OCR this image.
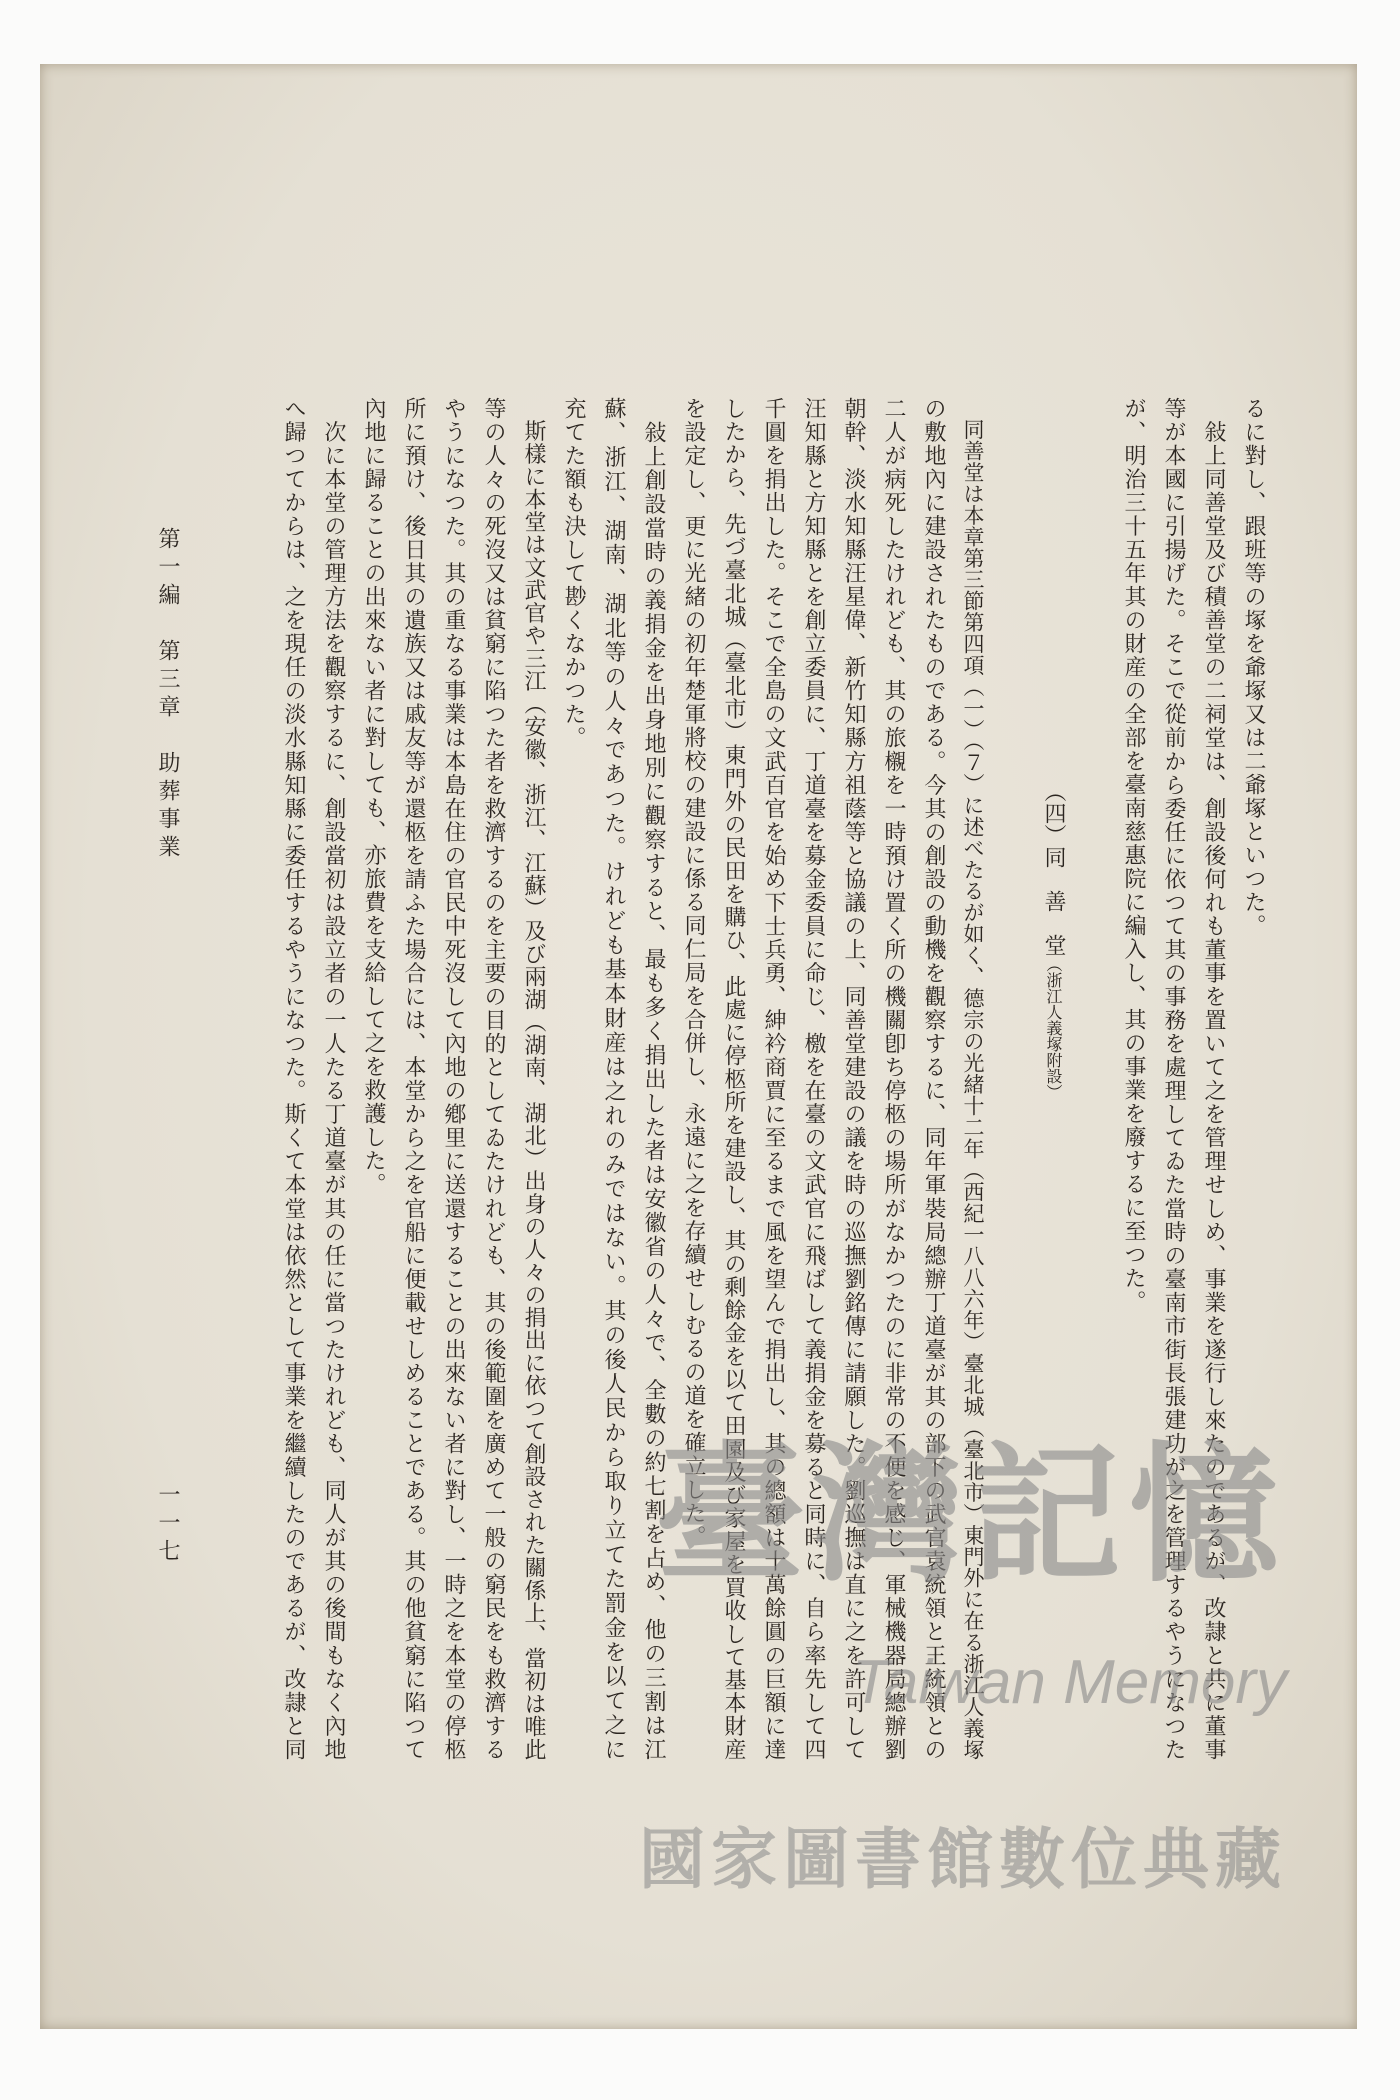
るに對し、跟班等の塚を爺塚又は二爺塚といつた。
　敍上同善堂及び積善堂の二祠堂は、創設後何れも董事を置いて之を管理せしめ、事業を遂行し來たのであるが、改隷と共に董事
等が本國に引揚げた。そこで從前から委任に依つて其の事務を處理してゐた當時の臺南市街長張建功が之を管理するやうになつた
が、明治三十五年其の財産の全部を臺南慈惠院に編入し、其の事業を廢するに至つた。
（四）同　善　堂（浙江人義塚附設）
　同善堂は本章第三節第四項（一）（７）に述べたるが如く、德宗の光緒十二年（西紀一八八六年）臺北城（臺北市）東門外に在る浙江人義塚
の敷地內に建設されたものである。今其の創設の動機を觀察するに、同年軍裝局總辦丁道臺が其の部下の武官袁統領と王統領との
二人が病死したけれども、其の旅櫬を一時預け置く所の機關卽ち停柩の場所がなかつたのに非常の不便を感じ、軍械機器局總辦劉
朝幹、淡水知縣汪星偉、新竹知縣方祖蔭等と協議の上、同善堂建設の議を時の巡撫劉銘傳に請願した。劉巡撫は直に之を許可して
汪知縣と方知縣とを創立委員に、丁道臺を募金委員に命じ、檄を在臺の文武官に飛ばして義捐金を募ると同時に、自ら率先して四
千圓を捐出した。そこで全島の文武百官を始め下士兵勇、紳衿商賈に至るまで風を望んで捐出し、其の總額は十萬餘圓の巨額に達
したから、先づ臺北城（臺北市）東門外の民田を購ひ、此處に停柩所を建設し、其の剩餘金を以て田園及び家屋を買收して基本財産
を設定し、更に光緒の初年楚軍將校の建設に係る同仁局を合併し、永遠に之を存續せしむるの道を確立した。
　敍上創設當時の義捐金を出身地別に觀察すると、最も多く捐出した者は安徽省の人々で、全數の約七割を占め、他の三割は江
蘇、浙江、湖南、湖北等の人々であつた。けれども基本財産は之れのみではない。其の後人民から取り立てた罰金を以て之に
充てた額も決して尠くなかつた。
　斯樣に本堂は文武官や三江（安徽、浙江、江蘇）及び兩湖（湖南、湖北）出身の人々の捐出に依つて創設された關係上、當初は唯此
等の人々の死沒又は貧窮に陷つた者を救濟するのを主要の目的としてゐたけれども、其の後範圍を廣めて一般の窮民をも救濟する
やうになつた。其の重なる事業は本島在住の官民中死沒して內地の鄕里に送還することの出來ない者に對し、一時之を本堂の停柩
所に預け、後日其の遺族又は戚友等が還柩を請ふた場合には、本堂から之を官船に便載せしめることである。其の他貧窮に陷つて
內地に歸ることの出來ない者に對しても、亦旅費を支給して之を救護した。
　次に本堂の管理方法を觀察するに、創設當初は設立者の一人たる丁道臺が其の任に當つたけれども、同人が其の後間もなく內地
へ歸つてからは、之を現任の淡水縣知縣に委任するやうになつた。斯くて本堂は依然として事業を繼續したのであるが、改隷と同
第一編　第三章　助葬事業
一一七	臺灣記憶
Taiwan Memory
國家圖書館數位典藏
